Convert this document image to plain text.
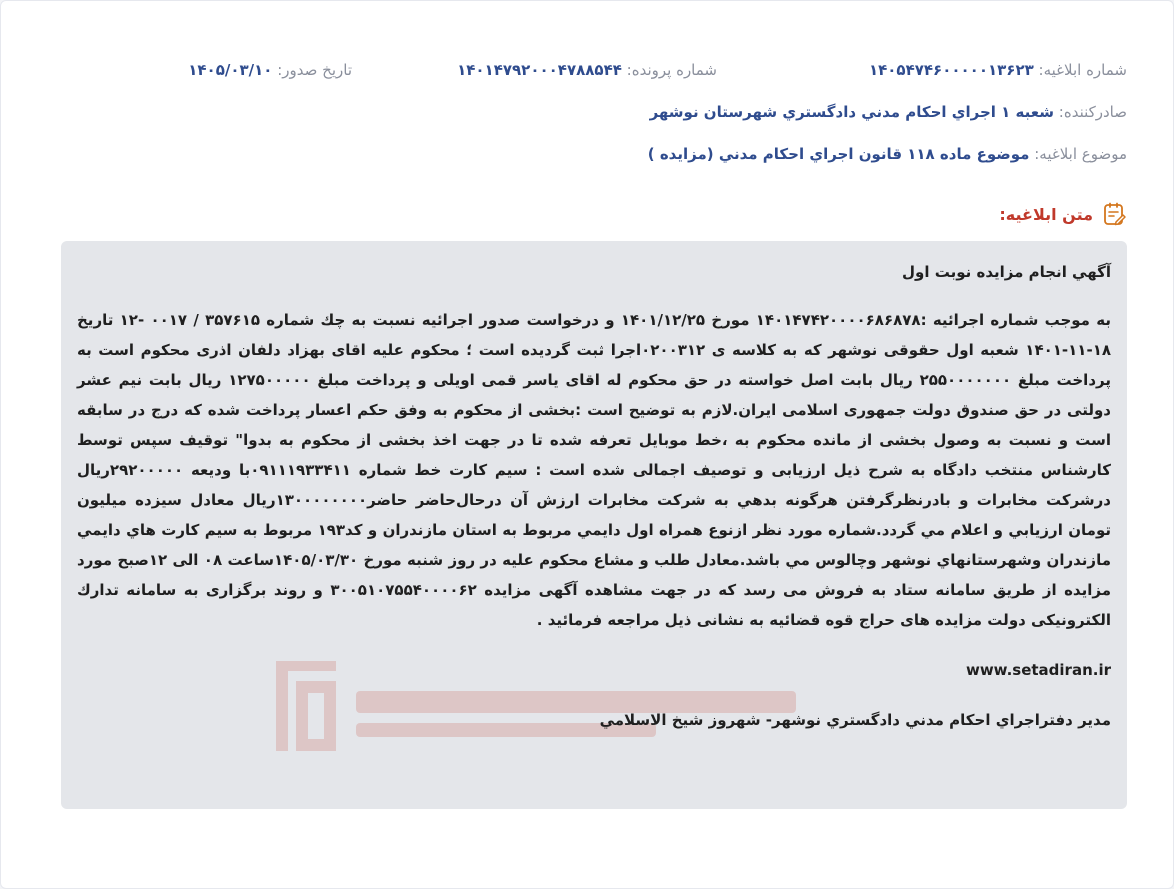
شماره ابلاغيه: ۱۴۰۵۴۷۴۶۰۰۰۰۰۱۳۶۲۳
شماره پرونده: ۱۴۰۱۴۷۹۲۰۰۰۴۷۸۸۵۴۴
تاريخ صدور: ۱۴۰۵/۰۳/۱۰
صادرکننده: شعبه ۱ اجراي احکام مدني دادگستري شهرستان نوشهر
موضوع ابلاغيه: موضوع ماده ۱۱۸ قانون اجراي احکام مدني (مزايده )
متن ابلاغيه:

آگهي انجام مزايده نوبت اول

به موجب شماره اجرائيه :۱۴۰۱۴۷۴۲۰۰۰۰۶۸۶۸۷۸ مورخ ۱۴۰۱/۱۲/۲۵ و درخواست صدور اجرائيه نسبت به چك شماره ۳۵۷۶۱۵ / ۰۰۱۷ -۱۲ تاريخ ۱۸-۱۱-۱۴۰۱ شعبه اول حقوقى نوشهر كه به كلاسه ى ۰۲۰۰۳۱۲اجرا ثبت گرديده است ؛ محكوم عليه اقاى بهزاد دلفان اذرى محكوم است به پرداخت مبلغ ۲۵۵۰۰۰۰۰۰۰ ريال بابت اصل خواسته در حق محكوم له اقاى ياسر قمى اويلى و پرداخت مبلغ ۱۲۷۵۰۰۰۰۰ ريال بابت نيم عشر دولتى در حق صندوق دولت جمهورى اسلامى ايران.لازم به توضيح است :بخشى از محكوم به وفق حكم اعسار پرداخت شده كه درج در سابقه است و نسبت به وصول بخشى از مانده محكوم به ،خط موبايل تعرفه شده تا در جهت اخذ بخشى از محكوم به بدوا" توقيف سپس توسط كارشناس منتخب دادگاه به شرح ذيل ارزيابى و توصيف اجمالى شده است : سيم كارت خط شماره ۰۹۱۱۱۹۳۳۴۱۱با وديعه ۲۹۲۰۰۰۰۰ريال درشركت مخابرات و بادرنظرگرفتن هرگونه بدهي به شرکت مخابرات ارزش آن درحال‌حاضر حاضر۱۳۰۰۰۰۰۰۰۰ريال معادل سيزده ميليون تومان ارزيابي و اعلام مي گردد.شماره مورد نظر ازنوع همراه اول دايمي مربوط به استان مازندران و كد۱۹۳ مربوط به سيم كارت هاي دايمي مازندران وشهرستانهاي نوشهر وچالوس مي باشد.معادل طلب و مشاع محكوم عليه در روز شنبه مورخ ۱۴۰۵/۰۳/۳۰ساعت ۰۸ الى ۱۲صبح مورد مزايده از طريق سامانه ستاد به فروش مى رسد كه در جهت مشاهده آگهى مزايده ۳۰۰۵۱۰۷۵۵۴۰۰۰۰۶۲ و روند برگزارى به سامانه تدارك الكترونيكى دولت مزايده هاى حراج قوه قضائيه به نشانى ذيل مراجعه فرمائيد .

www.setadiran.ir

مدير دفتراجراي احكام مدني دادگستري نوشهر- شهروز شيخ الاسلامي
